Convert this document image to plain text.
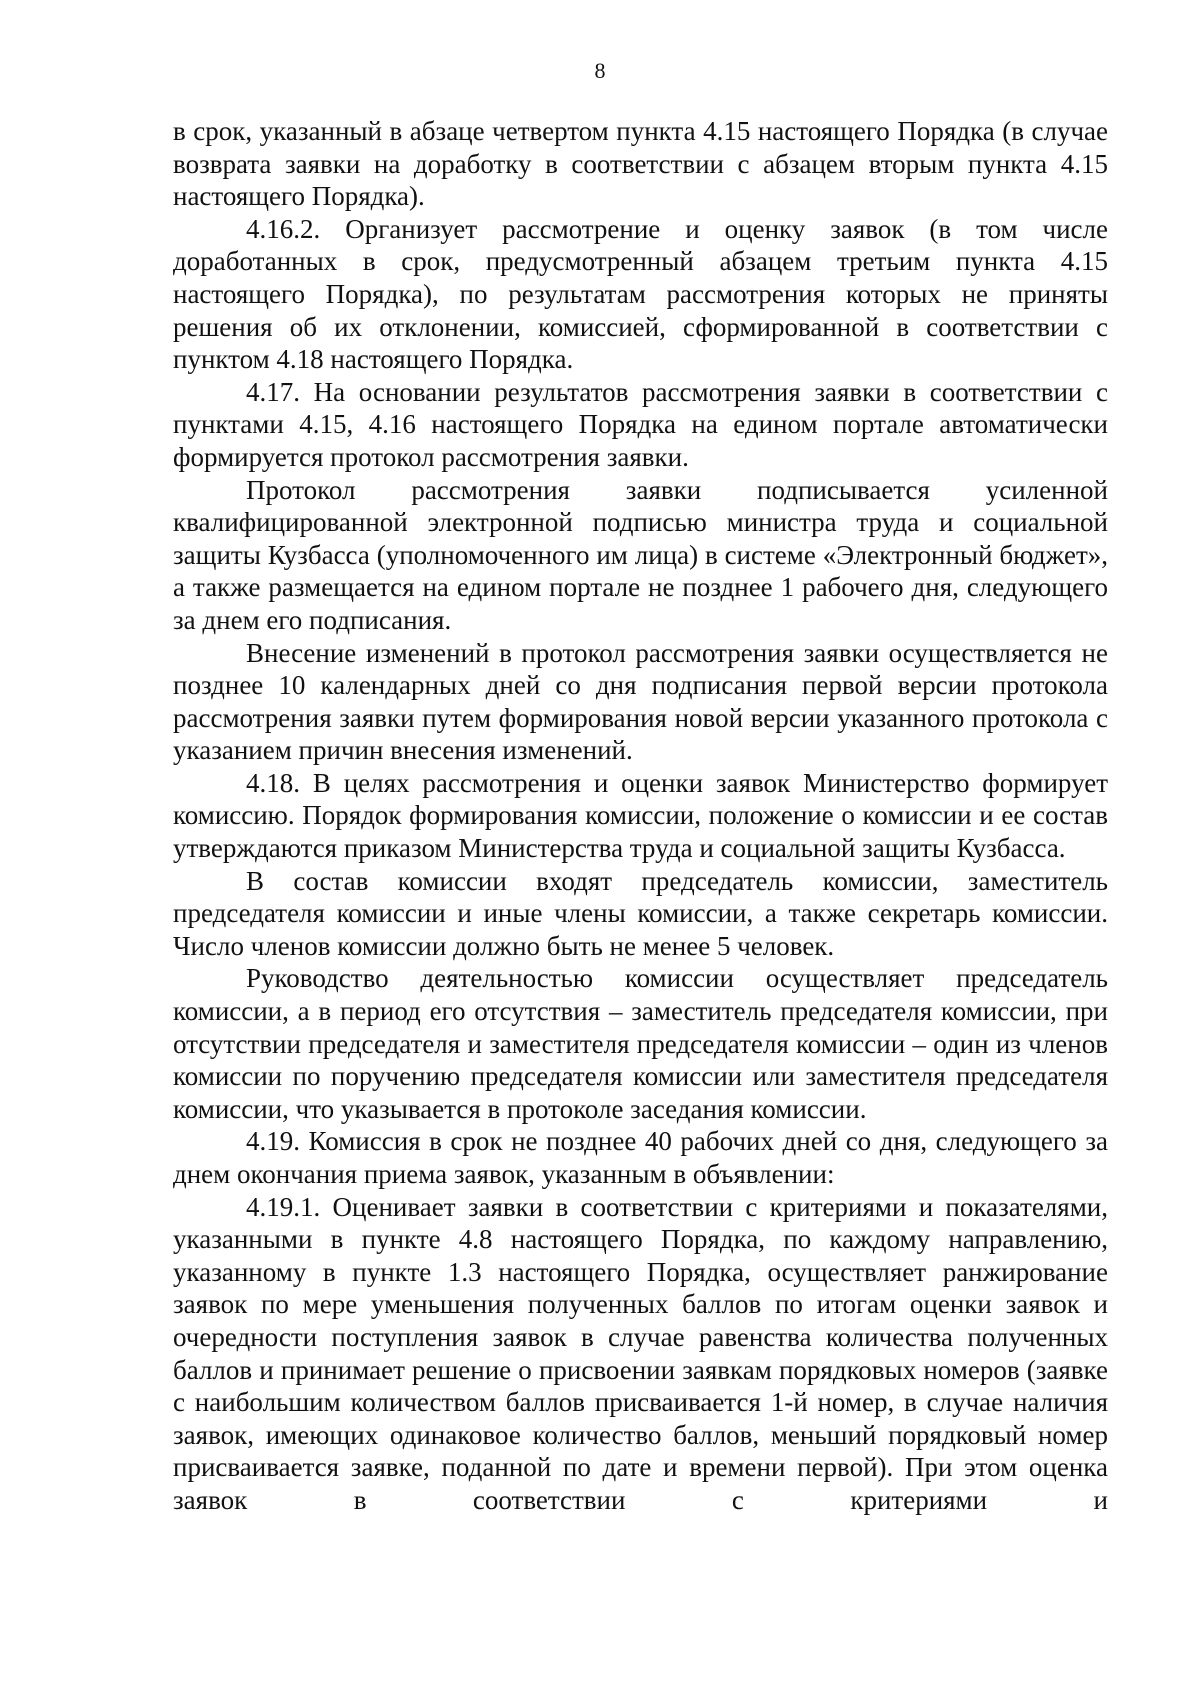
8

в срок, указанный в абзаце четвертом пункта 4.15 настоящего Порядка (в случае возврата заявки на доработку в соответствии с абзацем вторым пункта 4.15 настоящего Порядка).

4.16.2. Организует рассмотрение и оценку заявок (в том числе доработанных в срок, предусмотренный абзацем третьим пункта 4.15 настоящего Порядка), по результатам рассмотрения которых не приняты решения об их отклонении, комиссией, сформированной в соответствии с пунктом 4.18 настоящего Порядка.

4.17. На основании результатов рассмотрения заявки в соответствии с пунктами 4.15, 4.16 настоящего Порядка на едином портале автоматически формируется протокол рассмотрения заявки.

Протокол рассмотрения заявки подписывается усиленной квалифицированной электронной подписью министра труда и социальной защиты Кузбасса (уполномоченного им лица) в системе «Электронный бюджет», а также размещается на едином портале не позднее 1 рабочего дня, следующего за днем его подписания.

Внесение изменений в протокол рассмотрения заявки осуществляется не позднее 10 календарных дней со дня подписания первой версии протокола рассмотрения заявки путем формирования новой версии указанного протокола с указанием причин внесения изменений.

4.18. В целях рассмотрения и оценки заявок Министерство формирует комиссию. Порядок формирования комиссии, положение о комиссии и ее состав утверждаются приказом Министерства труда и социальной защиты Кузбасса.

В состав комиссии входят председатель комиссии, заместитель председателя комиссии и иные члены комиссии, а также секретарь комиссии. Число членов комиссии должно быть не менее 5 человек.

Руководство деятельностью комиссии осуществляет председатель комиссии, а в период его отсутствия – заместитель председателя комиссии, при отсутствии председателя и заместителя председателя комиссии – один из членов комиссии по поручению председателя комиссии или заместителя председателя комиссии, что указывается в протоколе заседания комиссии.

4.19. Комиссия в срок не позднее 40 рабочих дней со дня, следующего за днем окончания приема заявок, указанным в объявлении:

4.19.1. Оценивает заявки в соответствии с критериями и показателями, указанными в пункте 4.8 настоящего Порядка, по каждому направлению, указанному в пункте 1.3 настоящего Порядка, осуществляет ранжирование заявок по мере уменьшения полученных баллов по итогам оценки заявок и очередности поступления заявок в случае равенства количества полученных баллов и принимает решение о присвоении заявкам порядковых номеров (заявке с наибольшим количеством баллов присваивается 1-й номер, в случае наличия заявок, имеющих одинаковое количество баллов, меньший порядковый номер присваивается заявке, поданной по дате и времени первой). При этом оценка заявок в соответствии с критериями и
